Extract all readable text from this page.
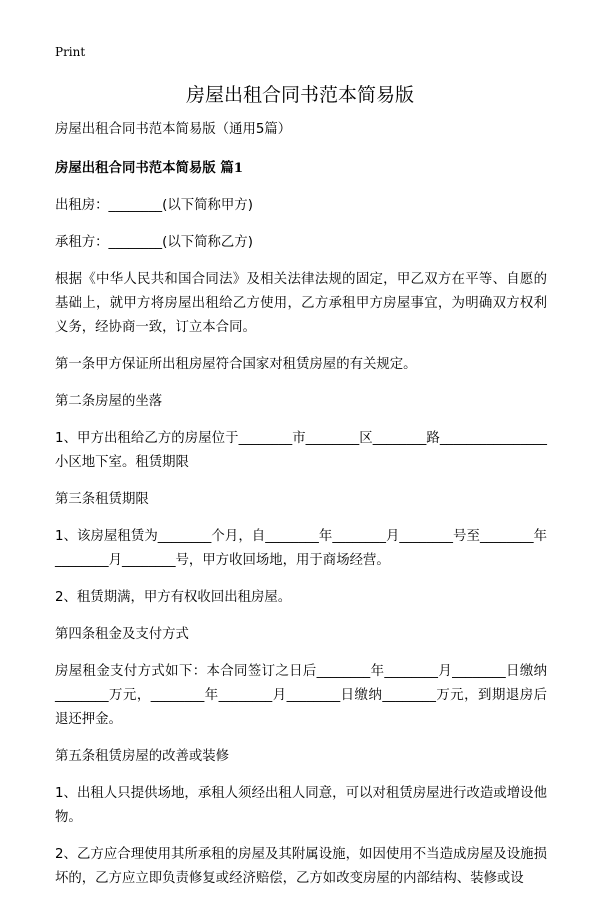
Print
房屋出租合同书范本简易版

房屋出租合同书范本简易版（通用5篇）

房屋出租合同书范本简易版 篇1

出租房：________(以下简称甲方)

承租方：________(以下简称乙方)

根据《中华人民共和国合同法》及相关法律法规的固定，甲乙双方在平等、自愿的基础上，就甲方将房屋出租给乙方使用，乙方承租甲方房屋事宜，为明确双方权利义务，经协商一致，订立本合同。

第一条甲方保证所出租房屋符合国家对租赁房屋的有关规定。

第二条房屋的坐落

1、甲方出租给乙方的房屋位于________市________区________路________________小区地下室。租赁期限

第三条租赁期限

1、该房屋租赁为________个月，自________年________月________号至________年________月________号，甲方收回场地，用于商场经营。

2、租赁期满，甲方有权收回出租房屋。

第四条租金及支付方式

房屋租金支付方式如下：本合同签订之日后________年________月________日缴纳________万元，________年________月________日缴纳________万元，到期退房后退还押金。

第五条租赁房屋的改善或装修

1、出租人只提供场地，承租人须经出租人同意，可以对租赁房屋进行改造或增设他物。

2、乙方应合理使用其所承租的房屋及其附属设施，如因使用不当造成房屋及设施损坏的，乙方应立即负责修复或经济赔偿，乙方如改变房屋的内部结构、装修或设
